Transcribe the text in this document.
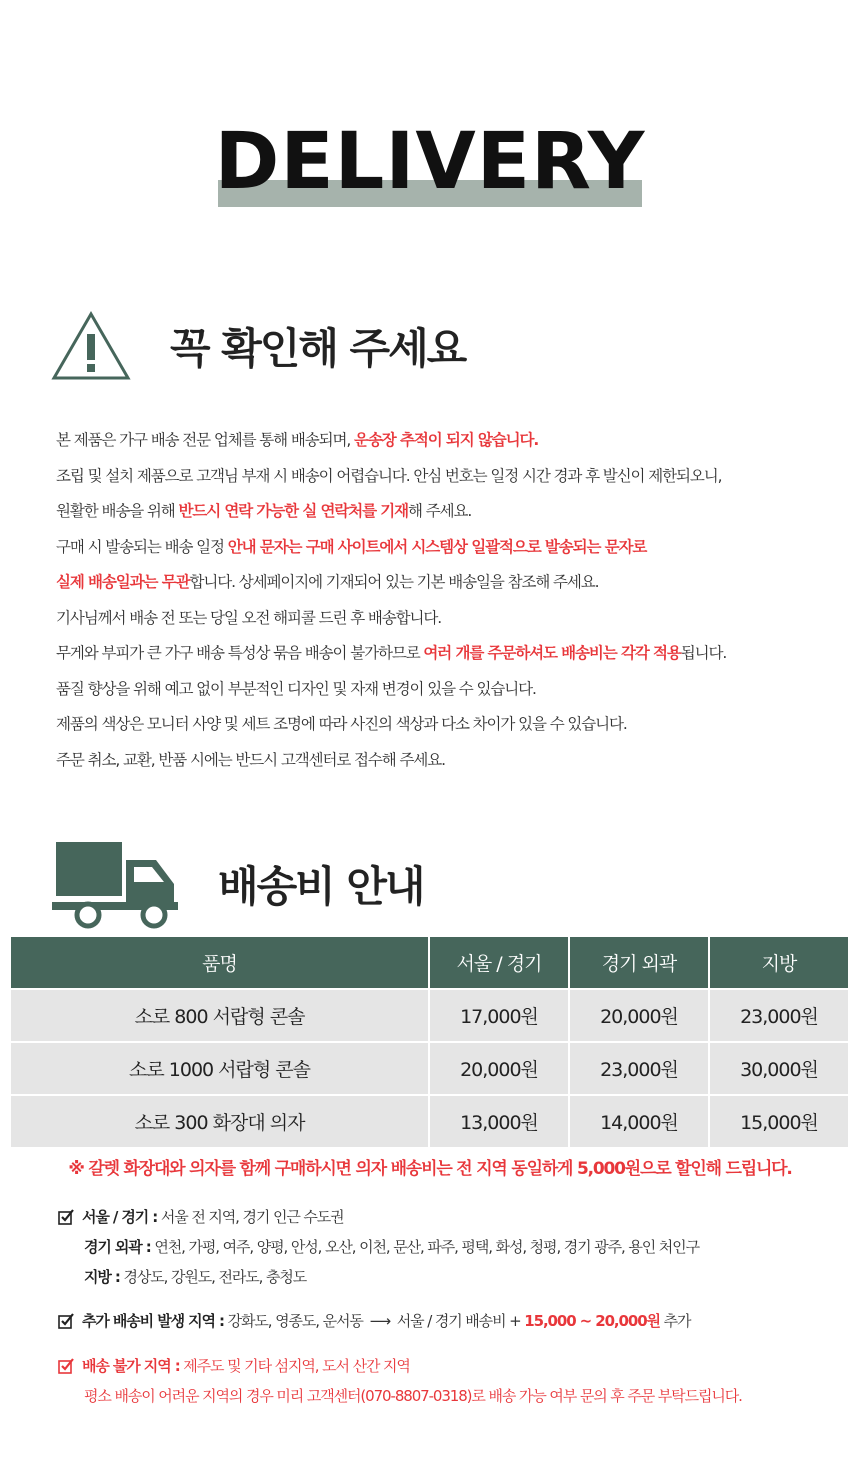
DELIVERY
꼭 확인해 주세요
본 제품은 가구 배송 전문 업체를 통해 배송되며, 운송장 추적이 되지 않습니다.
조립 및 설치 제품으로 고객님 부재 시 배송이 어렵습니다. 안심 번호는 일정 시간 경과 후 발신이 제한되오니,
원활한 배송을 위해 반드시 연락 가능한 실 연락처를 기재해 주세요.
구매 시 발송되는 배송 일정 안내 문자는 구매 사이트에서 시스템상 일괄적으로 발송되는 문자로
실제 배송일과는 무관합니다. 상세페이지에 기재되어 있는 기본 배송일을 참조해 주세요.
기사님께서 배송 전 또는 당일 오전 해피콜 드린 후 배송합니다.
무게와 부피가 큰 가구 배송 특성상 묶음 배송이 불가하므로 여러 개를 주문하셔도 배송비는 각각 적용됩니다.
품질 향상을 위해 예고 없이 부분적인 디자인 및 자재 변경이 있을 수 있습니다.
제품의 색상은 모니터 사양 및 세트 조명에 따라 사진의 색상과 다소 차이가 있을 수 있습니다.
주문 취소, 교환, 반품 시에는 반드시 고객센터로 접수해 주세요.
배송비 안내
품명	서울 / 경기	경기 외곽	지방
소로 800 서랍형 콘솔	17,000원	20,000원	23,000원
소로 1000 서랍형 콘솔	20,000원	23,000원	30,000원
소로 300 화장대 의자	13,000원	14,000원	15,000원
※ 갈렛 화장대와 의자를 함께 구매하시면 의자 배송비는 전 지역 동일하게 5,000원으로 할인해 드립니다.
서울 / 경기 : 서울 전 지역, 경기 인근 수도권
경기 외곽 : 연천, 가평, 여주, 양평, 안성, 오산, 이천, 문산, 파주, 평택, 화성, 청평, 경기 광주, 용인 처인구
지방 : 경상도, 강원도, 전라도, 충청도
추가 배송비 발생 지역 : 강화도, 영종도, 운서동 ⟶ 서울 / 경기 배송비 + 15,000 ~ 20,000원 추가
배송 불가 지역 : 제주도 및 기타 섬지역, 도서 산간 지역
평소 배송이 어려운 지역의 경우 미리 고객센터(070-8807-0318)로 배송 가능 여부 문의 후 주문 부탁드립니다.
